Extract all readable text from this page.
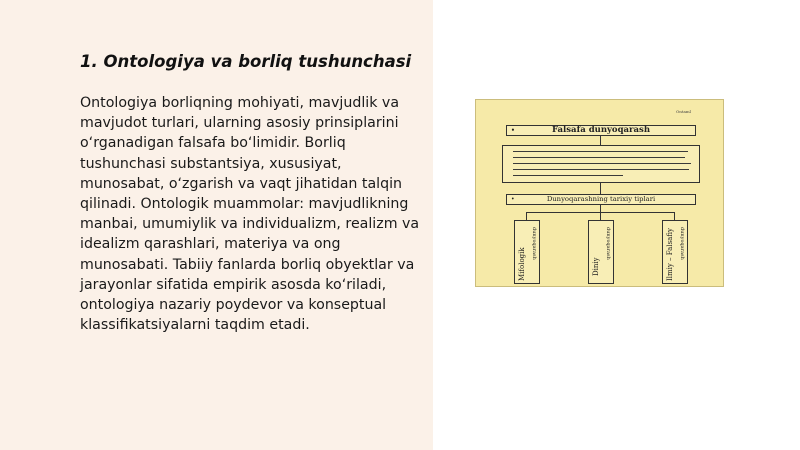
1. Ontologiya va borliq tushunchasi

Ontologiya borliqning mohiyati, mavjudlik va mavjudot turlari, ularning asosiy prinsiplarini o‘rganadigan falsafa bo‘limidir. Borliq tushunchasi substantsiya, xususiyat, munosabat, o‘zgarish va vaqt jihatidan talqin qilinadi. Ontologik muammolar: mavjudlikning manbai, umumiylik va individualizm, realizm va idealizm qarashlari, materiya va ong munosabati. Tabiiy fanlarda borliq obyektlar va jarayonlar sifatida empirik asosda ko‘riladi, ontologiya nazariy poydevor va konseptual klassifikatsiyalarni taqdim etadi.

Ontaml
•	Falsafa dunyoqarash
•	Dunyoqarashning tarixiy tiplari
Mifologik
dunyoqarash
Diniy
dunyoqarash	Ilmiy – Falsafiy dunyoqarash
